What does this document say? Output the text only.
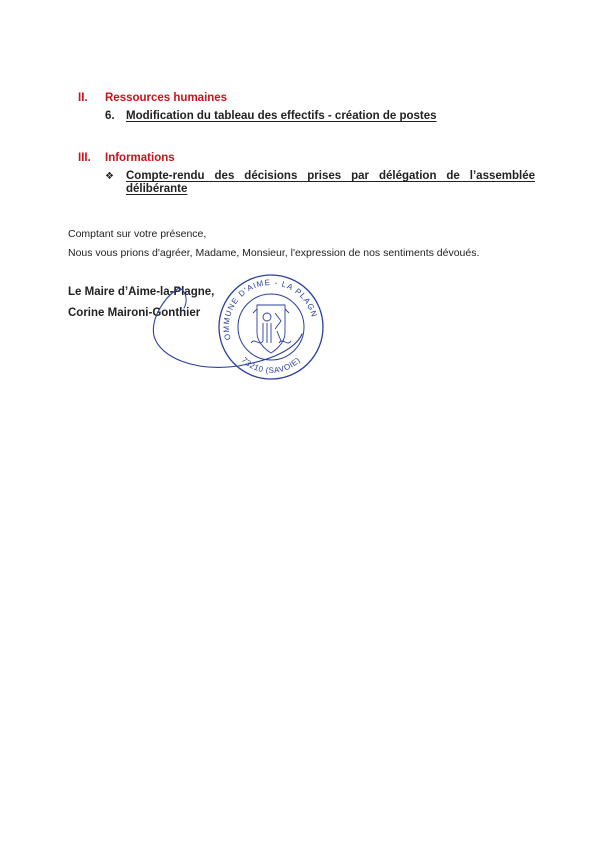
II. Ressources humaines
6. Modification du tableau des effectifs - création de postes
III. Informations
❖	Compte-rendu des décisions prises par délégation de l’assemblée délibérante
Comptant sur votre présence,
Nous vous prions d'agréer, Madame, Monsieur, l'expression de nos sentiments dévoués.
Le Maire d’Aime-la-Plagne,
Corine Maironi-Gonthier
COMMUNE D'AIME - LA PLAGNE
73210 (SAVOIE)
